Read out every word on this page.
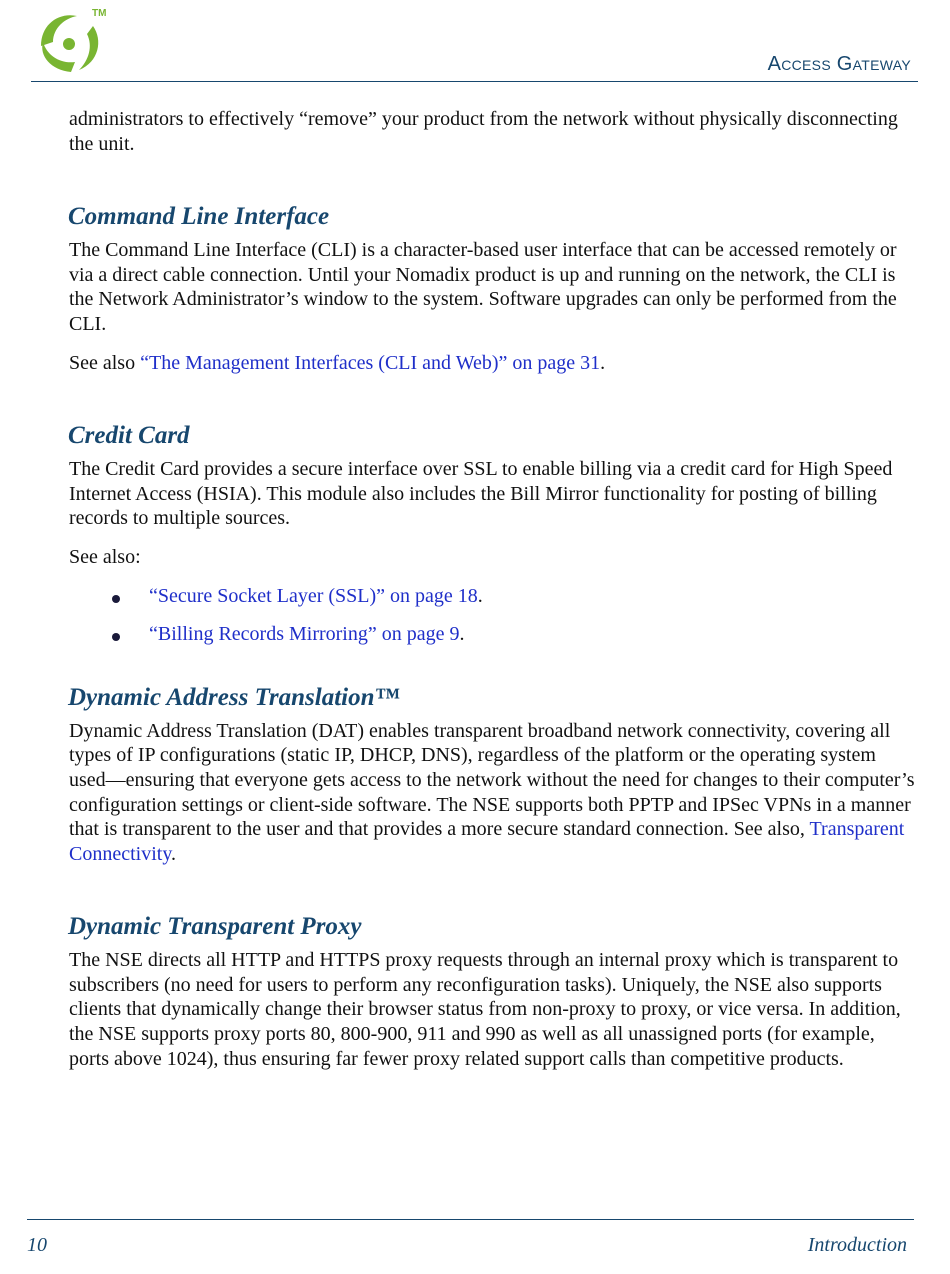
TM
Access Gateway

administrators to effectively “remove” your product from the network without physically disconnecting the unit.

Command Line Interface

The Command Line Interface (CLI) is a character-based user interface that can be accessed remotely or via a direct cable connection. Until your Nomadix product is up and running on the network, the CLI is the Network Administrator’s window to the system. Software upgrades can only be performed from the CLI.

See also “The Management Interfaces (CLI and Web)” on page 31.

Credit Card

The Credit Card provides a secure interface over SSL to enable billing via a credit card for High Speed Internet Access (HSIA). This module also includes the Bill Mirror functionality for posting of billing records to multiple sources.

See also:

“Secure Socket Layer (SSL)” on page 18.
“Billing Records Mirroring” on page 9.
Dynamic Address Translation™

Dynamic Address Translation (DAT) enables transparent broadband network connectivity, covering all types of IP configurations (static IP, DHCP, DNS), regardless of the platform or the operating system used—ensuring that everyone gets access to the network without the need for changes to their computer’s configuration settings or client-side software. The NSE supports both PPTP and IPSec VPNs in a manner that is transparent to the user and that provides a more secure standard connection. See also, Transparent Connectivity.

Dynamic Transparent Proxy

The NSE directs all HTTP and HTTPS proxy requests through an internal proxy which is transparent to subscribers (no need for users to perform any reconfiguration tasks). Uniquely, the NSE also supports clients that dynamically change their browser status from non-proxy to proxy, or vice versa. In addition, the NSE supports proxy ports 80, 800-900, 911 and 990 as well as all unassigned ports (for example, ports above 1024), thus ensuring far fewer proxy related support calls than competitive products.

10	Introduction
